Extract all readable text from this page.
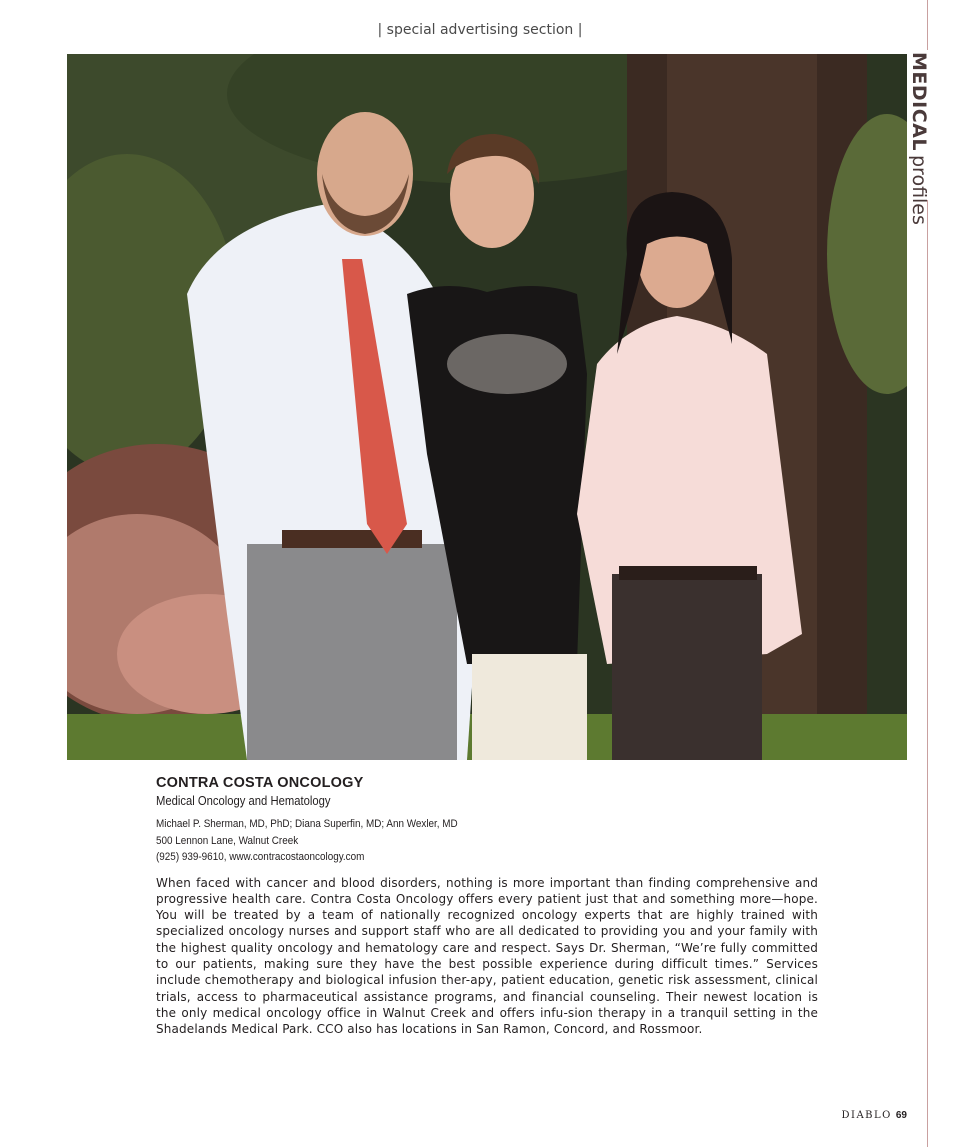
| special advertising section |
MEDICALprofiles
CONTRA COSTA ONCOLOGY
Medical Oncology and Hematology
Michael P. Sherman, MD, PhD; Diana Superfin, MD; Ann Wexler, MD
500 Lennon Lane, Walnut Creek
(925) 939-9610, www.contracostaoncology.com
When faced with cancer and blood disorders, nothing is more important than finding comprehensive and progressive health care. Contra Costa Oncology offers every patient just that and something more—hope. You will be treated by a team of nationally recognized oncology experts that are highly trained with specialized oncology nurses and support staff who are all dedicated to providing you and your family with the highest quality oncology and hematology care and respect. Says Dr. Sherman, “We’re fully committed to our patients, making sure they have the best possible experience during difficult times.” Services include chemotherapy and biological infusion ther-apy, patient education, genetic risk assessment, clinical trials, access to pharmaceutical assistance programs, and financial counseling. Their newest location is the only medical oncology office in Walnut Creek and offers infu-sion therapy in a tranquil setting in the Shadelands Medical Park. CCO also has locations in San Ramon, Concord, and Rossmoor.
DIABLO 69
